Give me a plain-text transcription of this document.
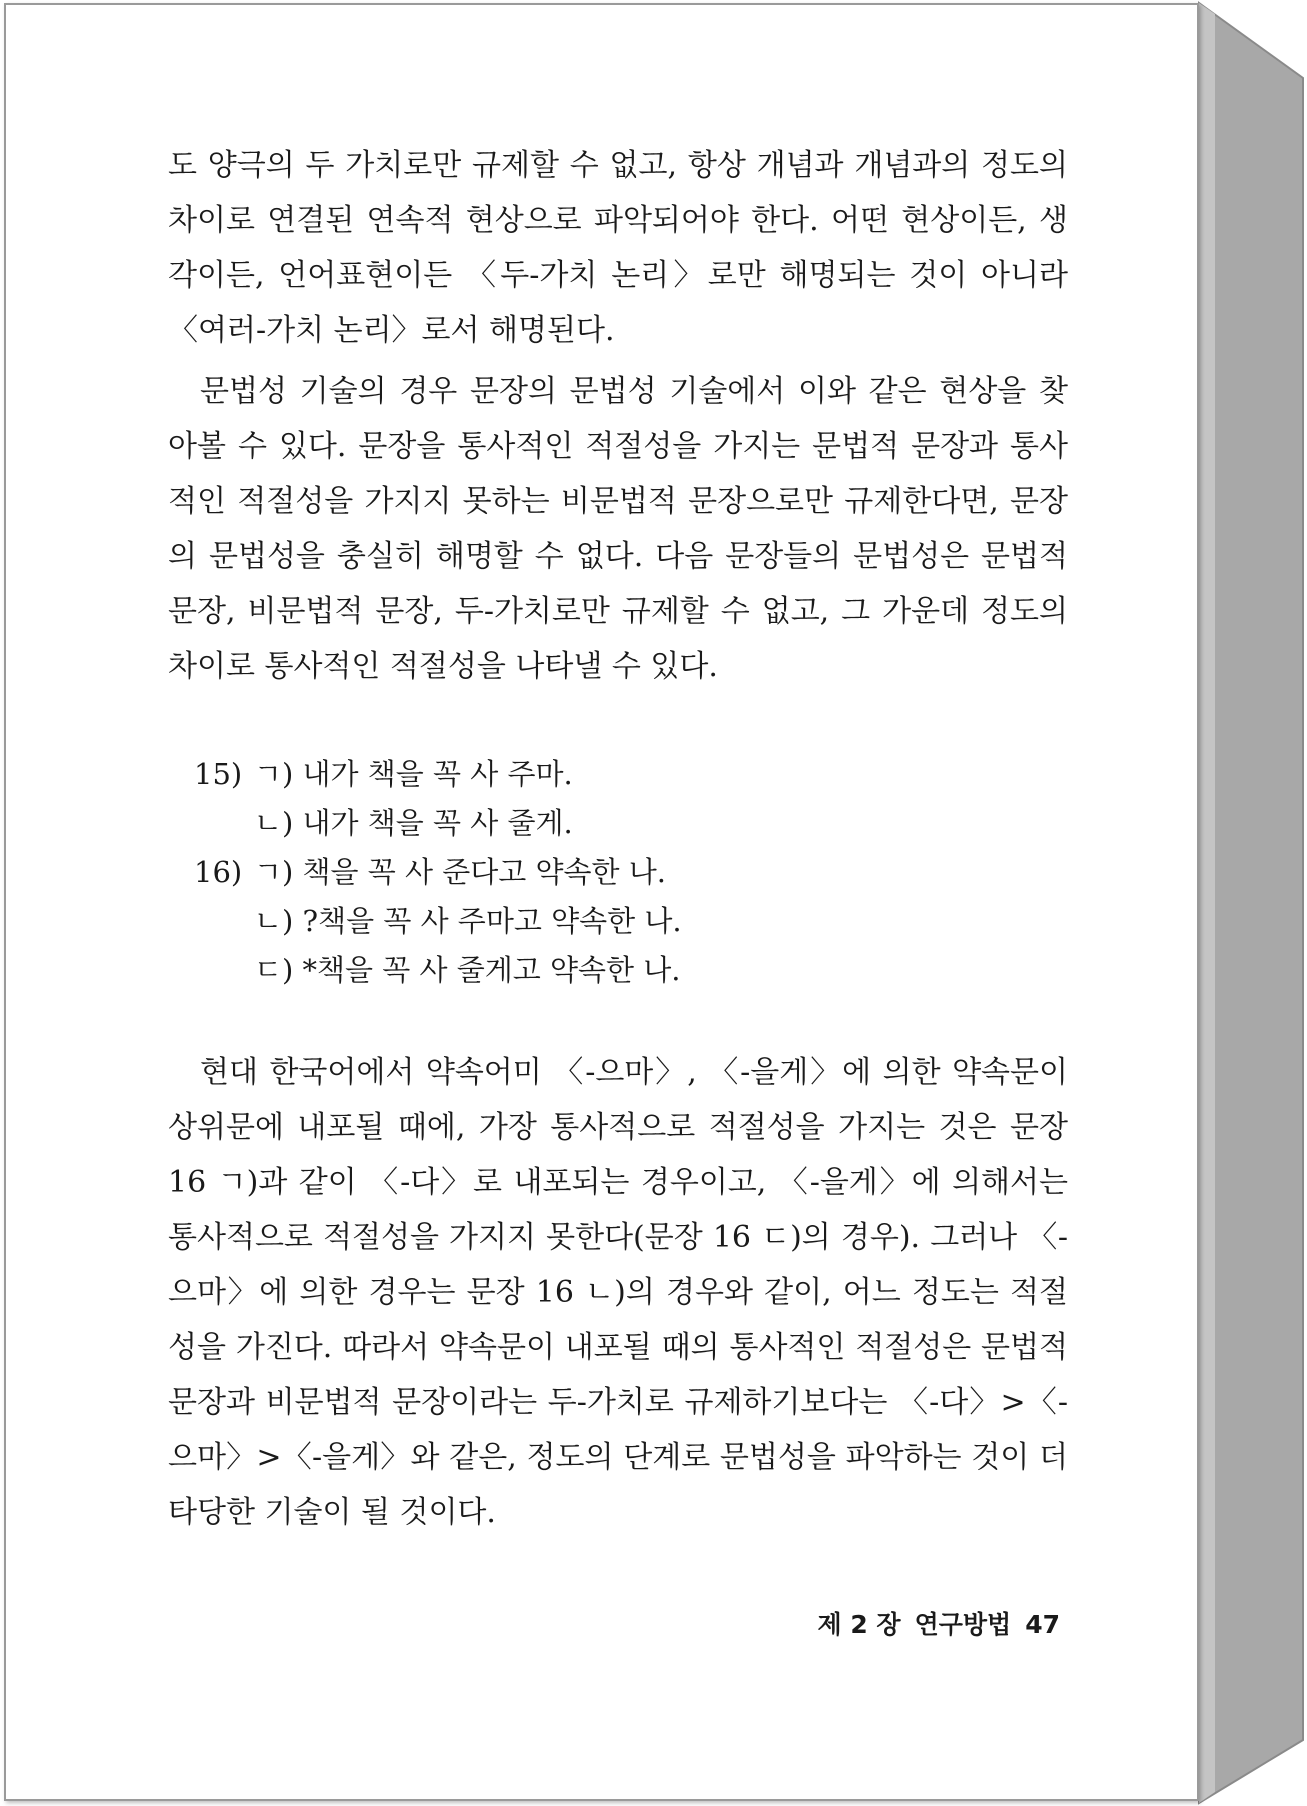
도 양극의 두 가치로만 규제할 수 없고, 항상 개념과 개념과의 정도의 차이로 연결된 연속적 현상으로 파악되어야 한다. 어떤 현상이든, 생각이든, 언어표현이든 〈두-가치 논리〉로만 해명되는 것이 아니라 〈여러-가치 논리〉로서 해명된다.

문법성 기술의 경우 문장의 문법성 기술에서 이와 같은 현상을 찾아볼 수 있다. 문장을 통사적인 적절성을 가지는 문법적 문장과 통사적인 적절성을 가지지 못하는 비문법적 문장으로만 규제한다면, 문장의 문법성을 충실히 해명할 수 없다. 다음 문장들의 문법성은 문법적 문장, 비문법적 문장, 두-가치로만 규제할 수 없고, 그 가운데 정도의 차이로 통사적인 적절성을 나타낼 수 있다.

15) ㄱ) 내가 책을 꼭 사 주마.
ㄴ) 내가 책을 꼭 사 줄게.
16) ㄱ) 책을 꼭 사 준다고 약속한 나.
ㄴ) ?책을 꼭 사 주마고 약속한 나.
ㄷ) *책을 꼭 사 줄게고 약속한 나.

현대 한국어에서 약속어미 〈-으마〉, 〈-을게〉에 의한 약속문이 상위문에 내포될 때에, 가장 통사적으로 적절성을 가지는 것은 문장 16 ㄱ)과 같이 〈-다〉로 내포되는 경우이고, 〈-을게〉에 의해서는 통사적으로 적절성을 가지지 못한다(문장 16 ㄷ)의 경우). 그러나 〈-으마〉에 의한 경우는 문장 16 ㄴ)의 경우와 같이, 어느 정도는 적절성을 가진다. 따라서 약속문이 내포될 때의 통사적인 적절성은 문법적 문장과 비문법적 문장이라는 두-가치로 규제하기보다는 〈-다〉>〈-으마〉>〈-을게〉와 같은, 정도의 단계로 문법성을 파악하는 것이 더 타당한 기술이 될 것이다.

제 2 장 연구방법 47
